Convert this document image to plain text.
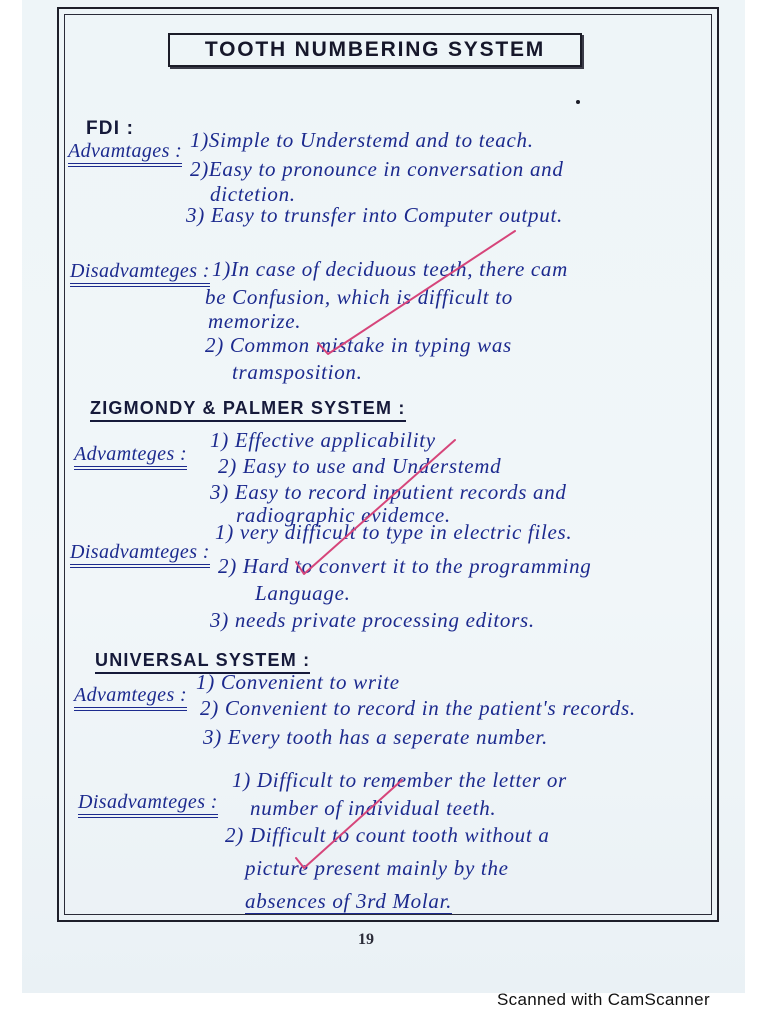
TOOTH NUMBERING SYSTEM
FDI :
Advamtages : 1)Simple to Understemd and to teach.
2)Easy to pronounce in conversation and
dictetion.
3) Easy to trunsfer into Computer output.
Disadvamteges : 1)In case of deciduous teeth, there cam
be Confusion, which is difficult to
memorize.
2) Common mistake in typing was
tramsposition.
ZIGMONDY & PALMER SYSTEM :
Advamteges :
1) Effective applicability
2) Easy to use and Understemd
3) Easy to record inputient records and
radiographic evidemce.
Disadvamteges :
1) very difficult to type in electric files.
2) Hard to convert it to the programming
Language.
3) needs private processing editors.
UNIVERSAL SYSTEM :
Advamteges :
1) Convenient to write
2) Convenient to record in the patient's records.
3) Every tooth has a seperate number.
Disadvamteges :
1) Difficult to remember the letter or
number of individual teeth.
2) Difficult to count tooth without a
picture present mainly by the
absences of 3rd Molar.
19
Scanned with CamScanner
